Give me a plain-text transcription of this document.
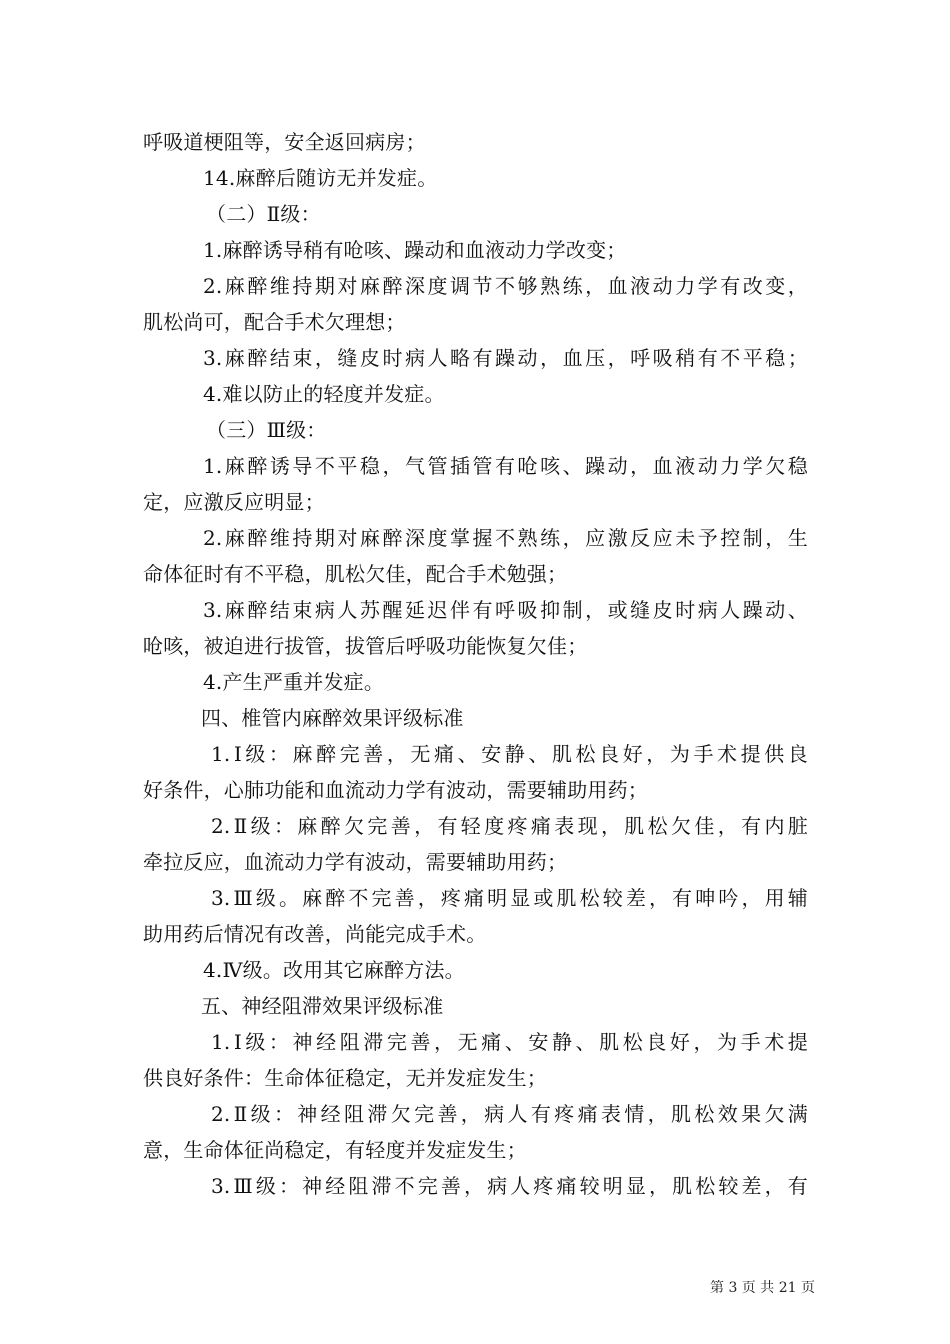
呼吸道梗阻等，安全返回病房；

14.麻醉后随访无并发症。

（二）Ⅱ级：

1.麻醉诱导稍有呛咳、躁动和血液动力学改变；

2.麻醉维持期对麻醉深度调节不够熟练，血液动力学有改变，

肌松尚可，配合手术欠理想；

3.麻醉结束，缝皮时病人略有躁动，血压，呼吸稍有不平稳；

4.难以防止的轻度并发症。

（三）Ⅲ级：

1.麻醉诱导不平稳，气管插管有呛咳、躁动，血液动力学欠稳

定，应激反应明显；

2.麻醉维持期对麻醉深度掌握不熟练，应激反应未予控制，生

命体征时有不平稳，肌松欠佳，配合手术勉强；

3.麻醉结束病人苏醒延迟伴有呼吸抑制，或缝皮时病人躁动、

呛咳，被迫进行拔管，拔管后呼吸功能恢复欠佳；

4.产生严重并发症。

四、椎管内麻醉效果评级标准

1.Ⅰ级：麻醉完善，无痛、安静、肌松良好，为手术提供良

好条件，心肺功能和血流动力学有波动，需要辅助用药；

2.Ⅱ级：麻醉欠完善，有轻度疼痛表现，肌松欠佳，有内脏

牵拉反应，血流动力学有波动，需要辅助用药；

3.Ⅲ级。麻醉不完善，疼痛明显或肌松较差，有呻吟，用辅

助用药后情况有改善，尚能完成手术。

4.Ⅳ级。改用其它麻醉方法。

五、神经阻滞效果评级标准

1.Ⅰ级：神经阻滞完善，无痛、安静、肌松良好，为手术提

供良好条件：生命体征稳定，无并发症发生；

2.Ⅱ级：神经阻滞欠完善，病人有疼痛表情，肌松效果欠满

意，生命体征尚稳定，有轻度并发症发生；

3.Ⅲ级：神经阻滞不完善，病人疼痛较明显，肌松较差，有

第 3 页 共 21 页
